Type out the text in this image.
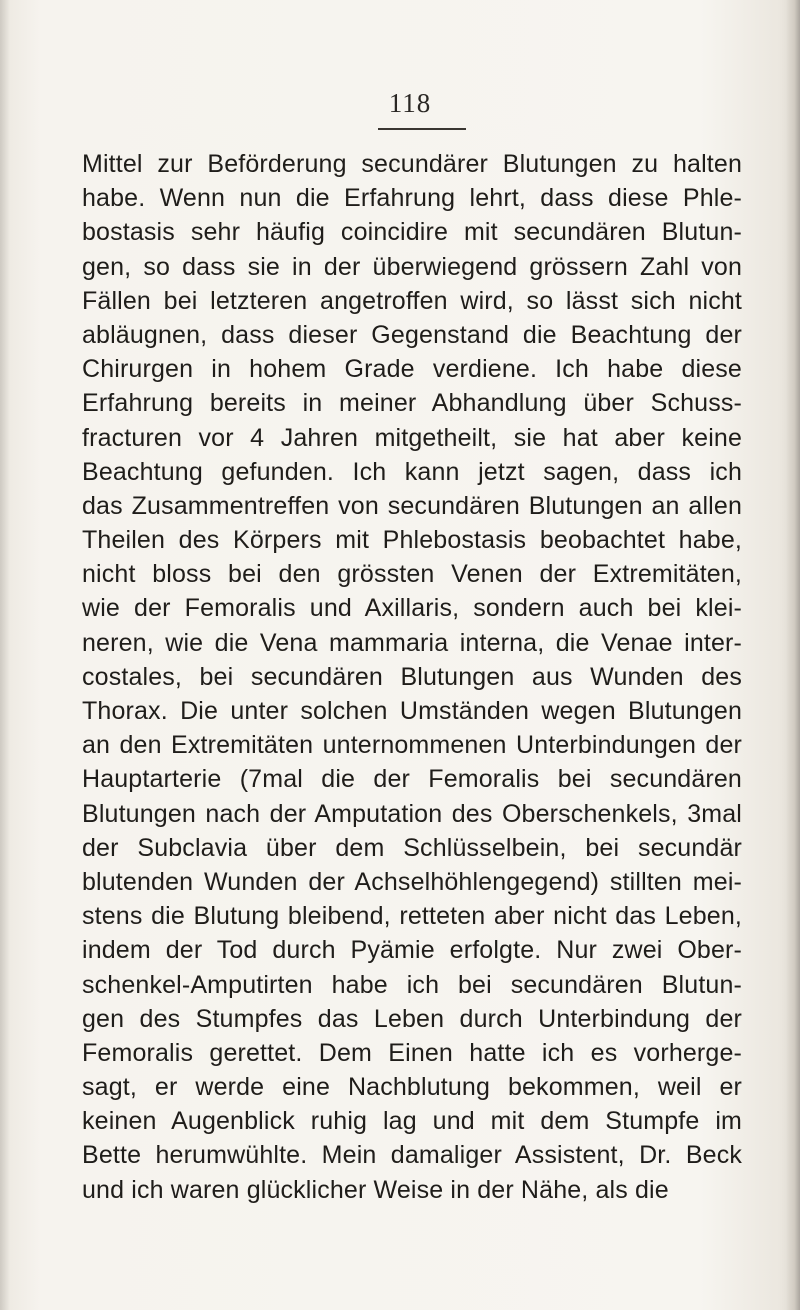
118
Mittel zur Beförderung secundärer Blutungen zu halten
habe. Wenn nun die Erfahrung lehrt, dass diese Phle-
bostasis sehr häufig coincidire mit secundären Blutun-
gen, so dass sie in der überwiegend grössern Zahl von
Fällen bei letzteren angetroffen wird, so lässt sich nicht
abläugnen, dass dieser Gegenstand die Beachtung der
Chirurgen in hohem Grade verdiene. Ich habe diese
Erfahrung bereits in meiner Abhandlung über Schuss-
fracturen vor 4 Jahren mitgetheilt, sie hat aber keine
Beachtung gefunden. Ich kann jetzt sagen, dass ich
das Zusammentreffen von secundären Blutungen an allen
Theilen des Körpers mit Phlebostasis beobachtet habe,
nicht bloss bei den grössten Venen der Extremitäten,
wie der Femoralis und Axillaris, sondern auch bei klei-
neren, wie die Vena mammaria interna, die Venae inter-
costales, bei secundären Blutungen aus Wunden des
Thorax. Die unter solchen Umständen wegen Blutungen
an den Extremitäten unternommenen Unterbindungen der
Hauptarterie (7mal die der Femoralis bei secundären
Blutungen nach der Amputation des Oberschenkels, 3mal
der Subclavia über dem Schlüsselbein, bei secundär
blutenden Wunden der Achselhöhlengegend) stillten mei-
stens die Blutung bleibend, retteten aber nicht das Leben,
indem der Tod durch Pyämie erfolgte. Nur zwei Ober-
schenkel-Amputirten habe ich bei secundären Blutun-
gen des Stumpfes das Leben durch Unterbindung der
Femoralis gerettet. Dem Einen hatte ich es vorherge-
sagt, er werde eine Nachblutung bekommen, weil er
keinen Augenblick ruhig lag und mit dem Stumpfe im
Bette herumwühlte. Mein damaliger Assistent, Dr. Beck
und ich waren glücklicher Weise in der Nähe, als die
